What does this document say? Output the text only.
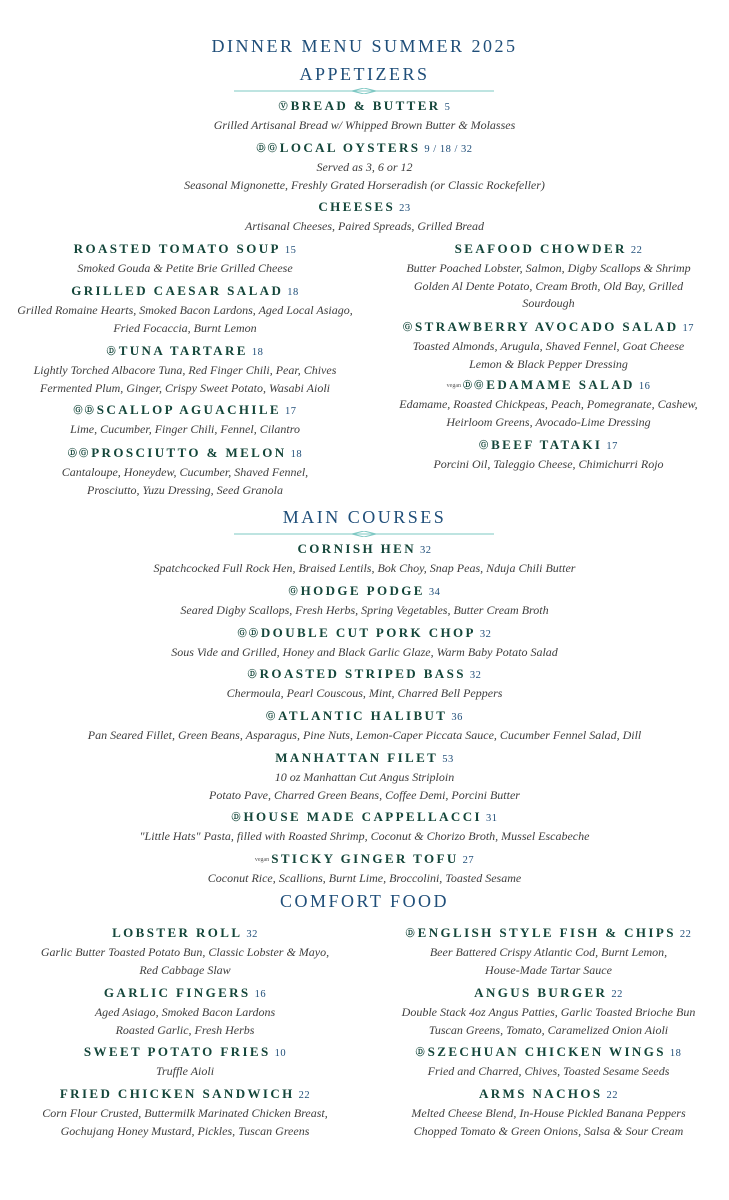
DINNER MENU SUMMER 2025
APPETIZERS
Ⓥ BREAD & BUTTER 5
Grilled Artisanal Bread w/ Whipped Brown Butter & Molasses
Ⓓ Ⓖ LOCAL OYSTERS 9 / 18 / 32
Served as 3, 6 or 12
Seasonal Mignonette, Freshly Grated Horseradish (or Classic Rockefeller)
CHEESES 23
Artisanal Cheeses, Paired Spreads, Grilled Bread
ROASTED TOMATO SOUP 15
Smoked Gouda & Petite Brie Grilled Cheese
GRILLED CAESAR SALAD 18
Grilled Romaine Hearts, Smoked Bacon Lardons, Aged Local Asiago,
Fried Focaccia, Burnt Lemon
Ⓓ TUNA TARTARE 18
Lightly Torched Albacore Tuna, Red Finger Chili, Pear, Chives
Fermented Plum, Ginger, Crispy Sweet Potato, Wasabi Aioli
Ⓖ Ⓓ SCALLOP AGUACHILE 17
Lime, Cucumber, Finger Chili, Fennel, Cilantro
Ⓓ Ⓖ PROSCIUTTO & MELON 18
Cantaloupe, Honeydew, Cucumber, Shaved Fennel,
Prosciutto, Yuzu Dressing, Seed Granola
SEAFOOD CHOWDER 22
Butter Poached Lobster, Salmon, Digby Scallops & Shrimp
Golden Al Dente Potato, Cream Broth, Old Bay, Grilled
Sourdough
Ⓖ STRAWBERRY AVOCADO SALAD 17
Toasted Almonds, Arugula, Shaved Fennel, Goat Cheese
Lemon & Black Pepper Dressing
vegan Ⓓ Ⓖ EDAMAME SALAD 16
Edamame, Roasted Chickpeas, Peach, Pomegranate, Cashew,
Heirloom Greens, Avocado-Lime Dressing
Ⓖ BEEF TATAKI 17
Porcini Oil, Taleggio Cheese, Chimichurri Rojo
MAIN COURSES
CORNISH HEN 32
Spatchcocked Full Rock Hen, Braised Lentils, Bok Choy, Snap Peas, Nduja Chili Butter
Ⓖ HODGE PODGE 34
Seared Digby Scallops, Fresh Herbs, Spring Vegetables, Butter Cream Broth
Ⓖ Ⓓ DOUBLE CUT PORK CHOP 32
Sous Vide and Grilled, Honey and Black Garlic Glaze, Warm Baby Potato Salad
Ⓓ ROASTED STRIPED BASS 32
Chermoula, Pearl Couscous, Mint, Charred Bell Peppers
Ⓖ ATLANTIC HALIBUT 36
Pan Seared Fillet, Green Beans, Asparagus, Pine Nuts, Lemon-Caper Piccata Sauce, Cucumber Fennel Salad, Dill
MANHATTAN FILET 53
10 oz Manhattan Cut Angus Striploin
Potato Pave, Charred Green Beans, Coffee Demi, Porcini Butter
Ⓓ HOUSE MADE CAPPELLACCI 31
"Little Hats" Pasta, filled with Roasted Shrimp, Coconut & Chorizo Broth, Mussel Escabeche
vegan STICKY GINGER TOFU 27
Coconut Rice, Scallions, Burnt Lime, Broccolini, Toasted Sesame
COMFORT FOOD
LOBSTER ROLL 32
Garlic Butter Toasted Potato Bun, Classic Lobster & Mayo,
Red Cabbage Slaw
GARLIC FINGERS 16
Aged Asiago, Smoked Bacon Lardons
Roasted Garlic, Fresh Herbs
SWEET POTATO FRIES 10
Truffle Aioli
FRIED CHICKEN SANDWICH 22
Corn Flour Crusted, Buttermilk Marinated Chicken Breast,
Gochujang Honey Mustard, Pickles, Tuscan Greens
Ⓓ ENGLISH STYLE FISH & CHIPS 22
Beer Battered Crispy Atlantic Cod, Burnt Lemon,
House-Made Tartar Sauce
ANGUS BURGER 22
Double Stack 4oz Angus Patties, Garlic Toasted Brioche Bun
Tuscan Greens, Tomato, Caramelized Onion Aioli
Ⓓ SZECHUAN CHICKEN WINGS 18
Fried and Charred, Chives, Toasted Sesame Seeds
ARMS NACHOS 22
Melted Cheese Blend, In-House Pickled Banana Peppers
Chopped Tomato & Green Onions, Salsa & Sour Cream
